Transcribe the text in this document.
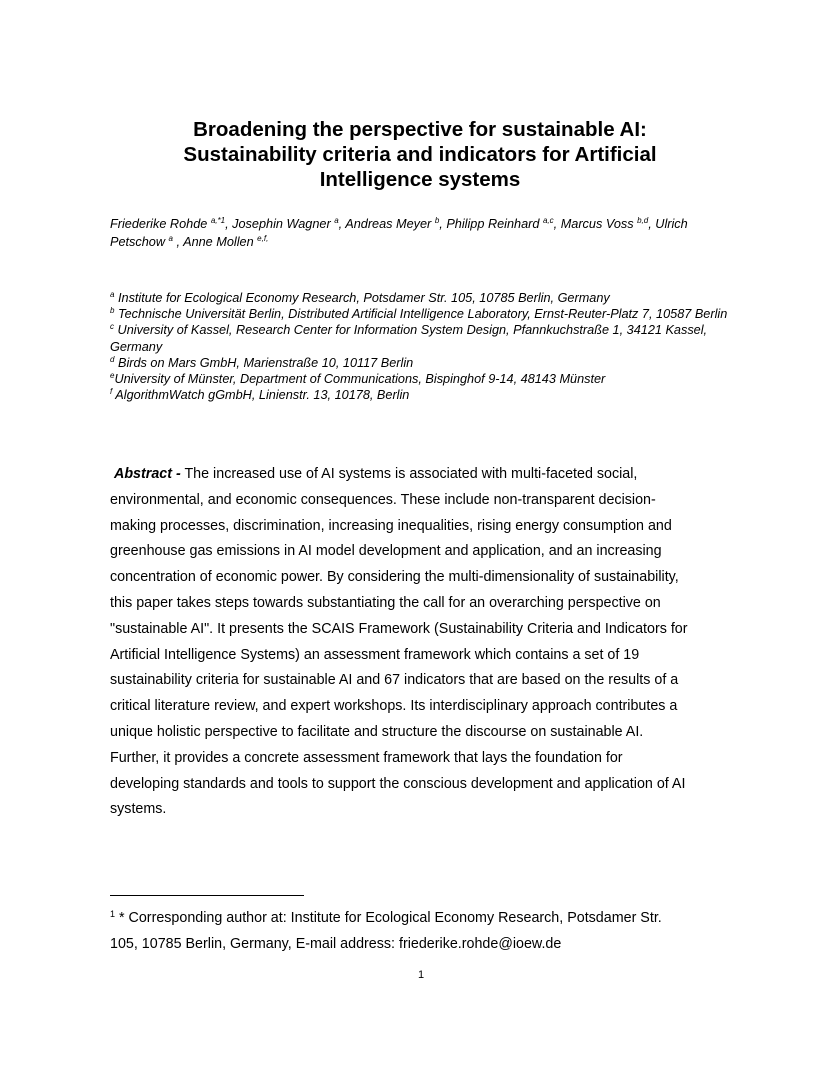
Broadening the perspective for sustainable AI:
Sustainability criteria and indicators for Artificial
Intelligence systems
Friederike Rohde $^{a,*1}$, Josephin Wagner $^a$, Andreas Meyer $^b$, Philipp Reinhard $^{a,c}$, Marcus Voss $^{b,d}$, Ulrich Petschow $^a$ , Anne Mollen $^{e,f,}$
$^a$ Institute for Ecological Economy Research, Potsdamer Str. 105, 10785 Berlin, Germany
$^b$ Technische Universität Berlin, Distributed Artificial Intelligence Laboratory, Ernst-Reuter-Platz 7, 10587 Berlin
$^c$ University of Kassel, Research Center for Information System Design, Pfannkuchstraße 1, 34121 Kassel, Germany
$^d$ Birds on Mars GmbH, Marienstraße 10, 10117 Berlin
$^e$University of Münster, Department of Communications, Bispinghof 9-14, 48143 Münster
$^f$ AlgorithmWatch gGmbH, Linienstr. 13, 10178, Berlin
Abstract - The increased use of AI systems is associated with multi-faceted social,
environmental, and economic consequences. These include non-transparent decision-
making processes, discrimination, increasing inequalities, rising energy consumption and
greenhouse gas emissions in AI model development and application, and an increasing
concentration of economic power. By considering the multi-dimensionality of sustainability,
this paper takes steps towards substantiating the call for an overarching perspective on
"sustainable AI". It presents the SCAIS Framework (Sustainability Criteria and Indicators for
Artificial Intelligence Systems) an assessment framework which contains a set of 19
sustainability criteria for sustainable AI and 67 indicators that are based on the results of a
critical literature review, and expert workshops. Its interdisciplinary approach contributes a
unique holistic perspective to facilitate and structure the discourse on sustainable AI.
Further, it provides a concrete assessment framework that lays the foundation for
developing standards and tools to support the conscious development and application of AI
systems.
$^1$ * Corresponding author at: Institute for Ecological Economy Research, Potsdamer Str.
105, 10785 Berlin, Germany, E-mail address: friederike.rohde@ioew.de
1
